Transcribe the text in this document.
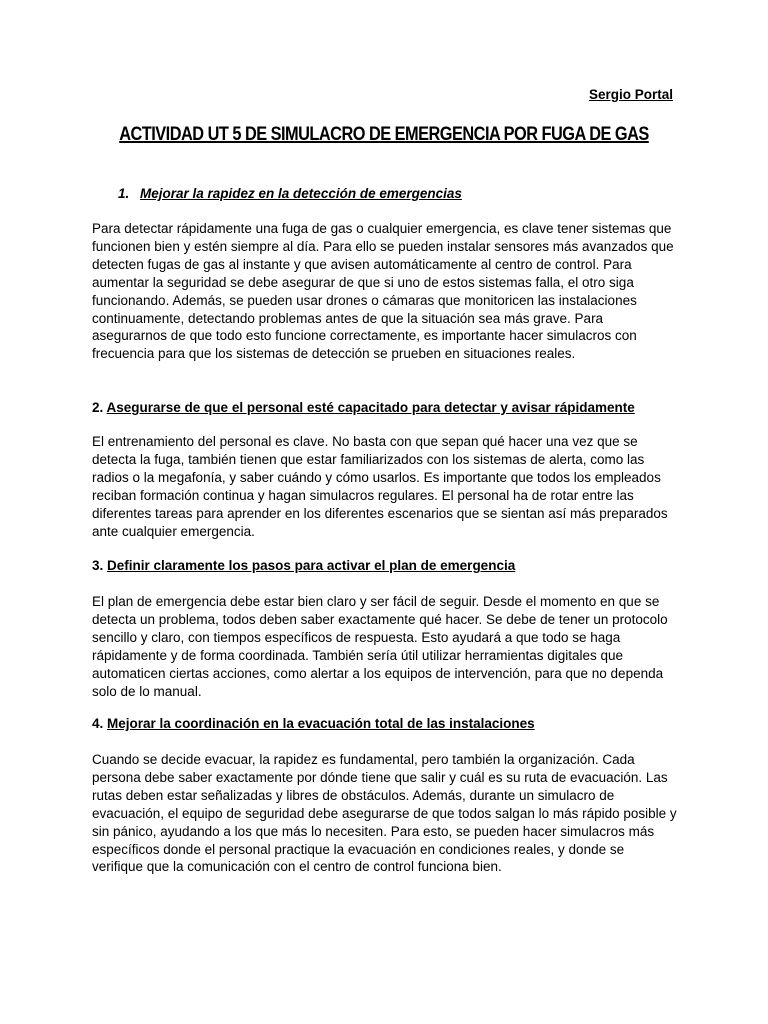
Sergio Portal
ACTIVIDAD UT 5 DE SIMULACRO DE EMERGENCIA POR FUGA DE GAS
1. Mejorar la rapidez en la detección de emergencias

Para detectar rápidamente una fuga de gas o cualquier emergencia, es clave tener sistemas que funcionen bien y estén siempre al día. Para ello se pueden instalar sensores más avanzados que detecten fugas de gas al instante y que avisen automáticamente al centro de control. Para aumentar la seguridad se debe asegurar de que si uno de estos sistemas falla, el otro siga funcionando. Además, se pueden usar drones o cámaras que monitoricen las instalaciones continuamente, detectando problemas antes de que la situación sea más grave. Para asegurarnos de que todo esto funcione correctamente, es importante hacer simulacros con frecuencia para que los sistemas de detección se prueben en situaciones reales.

2. Asegurarse de que el personal esté capacitado para detectar y avisar rápidamente

El entrenamiento del personal es clave. No basta con que sepan qué hacer una vez que se detecta la fuga, también tienen que estar familiarizados con los sistemas de alerta, como las radios o la megafonía, y saber cuándo y cómo usarlos. Es importante que todos los empleados reciban formación continua y hagan simulacros regulares. El personal ha de rotar entre las diferentes tareas para aprender en los diferentes escenarios que se sientan así más preparados ante cualquier emergencia.

3. Definir claramente los pasos para activar el plan de emergencia

El plan de emergencia debe estar bien claro y ser fácil de seguir. Desde el momento en que se detecta un problema, todos deben saber exactamente qué hacer. Se debe de tener un protocolo sencillo y claro, con tiempos específicos de respuesta. Esto ayudará a que todo se haga rápidamente y de forma coordinada. También sería útil utilizar herramientas digitales que automaticen ciertas acciones, como alertar a los equipos de intervención, para que no dependa solo de lo manual.

4. Mejorar la coordinación en la evacuación total de las instalaciones

Cuando se decide evacuar, la rapidez es fundamental, pero también la organización. Cada persona debe saber exactamente por dónde tiene que salir y cuál es su ruta de evacuación. Las rutas deben estar señalizadas y libres de obstáculos. Además, durante un simulacro de evacuación, el equipo de seguridad debe asegurarse de que todos salgan lo más rápido posible y sin pánico, ayudando a los que más lo necesiten. Para esto, se pueden hacer simulacros más específicos donde el personal practique la evacuación en condiciones reales, y donde se verifique que la comunicación con el centro de control funciona bien.
